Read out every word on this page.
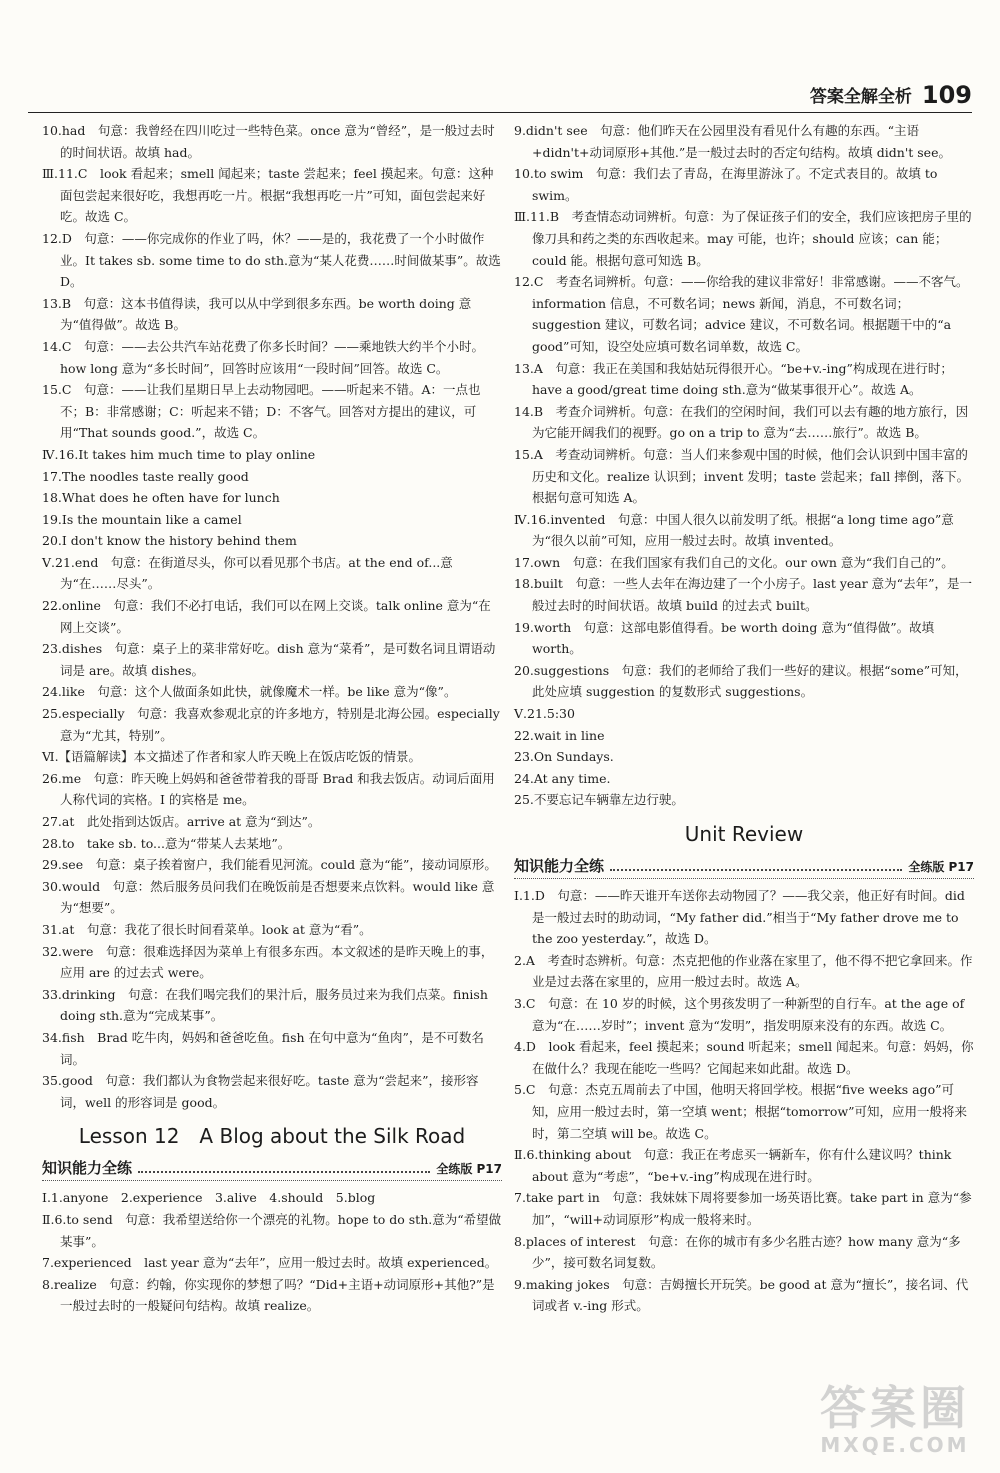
答案全解全析 109

10.had　句意：我曾经在四川吃过一些特色菜。once 意为“曾经”，是一般过去时的时间状语。故填 had。

Ⅲ.11.C　look 看起来；smell 闻起来；taste 尝起来；feel 摸起来。句意：这种面包尝起来很好吃，我想再吃一片。根据“我想再吃一片”可知，面包尝起来好吃。故选 C。

12.D　句意：——你完成你的作业了吗，休？——是的，我花费了一个小时做作业。It takes sb. some time to do sth.意为“某人花费……时间做某事”。故选 D。

13.B　句意：这本书值得读，我可以从中学到很多东西。be worth doing 意为“值得做”。故选 B。

14.C　句意：——去公共汽车站花费了你多长时间？——乘地铁大约半个小时。how long 意为“多长时间”，回答时应该用“一段时间”回答。故选 C。

15.C　句意：——让我们星期日早上去动物园吧。——听起来不错。A：一点也不；B：非常感谢；C：听起来不错；D：不客气。回答对方提出的建议，可用“That sounds good.”，故选 C。

Ⅳ.16.It takes him much time to play online

17.The noodles taste really good

18.What does he often have for lunch

19.Is the mountain like a camel

20.I don't know the history behind them

Ⅴ.21.end　句意：在街道尽头，你可以看见那个书店。at the end of...意为“在……尽头”。

22.online　句意：我们不必打电话，我们可以在网上交谈。talk online 意为“在网上交谈”。

23.dishes　句意：桌子上的菜非常好吃。dish 意为“菜肴”，是可数名词且谓语动词是 are。故填 dishes。

24.like　句意：这个人做面条如此快，就像魔术一样。be like 意为“像”。

25.especially　句意：我喜欢参观北京的许多地方，特别是北海公园。especially 意为“尤其，特别”。

Ⅵ.【语篇解读】本文描述了作者和家人昨天晚上在饭店吃饭的情景。

26.me　句意：昨天晚上妈妈和爸爸带着我的哥哥 Brad 和我去饭店。动词后面用人称代词的宾格。I 的宾格是 me。

27.at　此处指到达饭店。arrive at 意为“到达”。

28.to　take sb. to...意为“带某人去某地”。

29.see　句意：桌子挨着窗户，我们能看见河流。could 意为“能”，接动词原形。

30.would　句意：然后服务员问我们在晚饭前是否想要来点饮料。would like 意为“想要”。

31.at　句意：我花了很长时间看菜单。look at 意为“看”。

32.were　句意：很难选择因为菜单上有很多东西。本文叙述的是昨天晚上的事，应用 are 的过去式 were。

33.drinking　句意：在我们喝完我们的果汁后，服务员过来为我们点菜。finish doing sth.意为“完成某事”。

34.fish　Brad 吃牛肉，妈妈和爸爸吃鱼。fish 在句中意为“鱼肉”，是不可数名词。

35.good　句意：我们都认为食物尝起来很好吃。taste 意为“尝起来”，接形容词，well 的形容词是 good。

Lesson 12　A Blog about the Silk Road
知识能力全练	全练版 P17

Ⅰ.1.anyone　2.experience　3.alive　4.should　5.blog

Ⅱ.6.to send　句意：我希望送给你一个漂亮的礼物。hope to do sth.意为“希望做某事”。

7.experienced　last year 意为“去年”，应用一般过去时。故填 experienced。

8.realize　句意：约翰，你实现你的梦想了吗？“Did+主语+动词原形+其他?”是一般过去时的一般疑问句结构。故填 realize。

9.didn't see　句意：他们昨天在公园里没有看见什么有趣的东西。“主语+didn't+动词原形+其他.”是一般过去时的否定句结构。故填 didn't see。

10.to swim　句意：我们去了青岛，在海里游泳了。不定式表目的。故填 to swim。

Ⅲ.11.B　考查情态动词辨析。句意：为了保证孩子们的安全，我们应该把房子里的像刀具和药之类的东西收起来。may 可能，也许；should 应该；can 能；could 能。根据句意可知选 B。

12.C　考查名词辨析。句意：——你给我的建议非常好！非常感谢。——不客气。information 信息，不可数名词；news 新闻，消息，不可数名词；suggestion 建议，可数名词；advice 建议，不可数名词。根据题干中的“a good”可知，设空处应填可数名词单数，故选 C。

13.A　句意：我正在美国和我姑姑玩得很开心。“be+v.-ing”构成现在进行时；have a good/great time doing sth.意为“做某事很开心”。故选 A。

14.B　考查介词辨析。句意：在我们的空闲时间，我们可以去有趣的地方旅行，因为它能开阔我们的视野。go on a trip to 意为“去……旅行”。故选 B。

15.A　考查动词辨析。句意：当人们来参观中国的时候，他们会认识到中国丰富的历史和文化。realize 认识到；invent 发明；taste 尝起来；fall 摔倒，落下。根据句意可知选 A。

Ⅳ.16.invented　句意：中国人很久以前发明了纸。根据“a long time ago”意为“很久以前”可知，应用一般过去时。故填 invented。

17.own　句意：在我们国家有我们自己的文化。our own 意为“我们自己的”。

18.built　句意：一些人去年在海边建了一个小房子。last year 意为“去年”，是一般过去时的时间状语。故填 build 的过去式 built。

19.worth　句意：这部电影值得看。be worth doing 意为“值得做”。故填 worth。

20.suggestions　句意：我们的老师给了我们一些好的建议。根据“some”可知，此处应填 suggestion 的复数形式 suggestions。

Ⅴ.21.5:30

22.wait in line

23.On Sundays.

24.At any time.

25.不要忘记车辆靠左边行驶。

Unit Review
知识能力全练	全练版 P17

Ⅰ.1.D　句意：——昨天谁开车送你去动物园了？——我父亲，他正好有时间。did 是一般过去时的助动词，“My father did.”相当于“My father drove me to the zoo yesterday.”，故选 D。

2.A　考查时态辨析。句意：杰克把他的作业落在家里了，他不得不把它拿回来。作业是过去落在家里的，应用一般过去时。故选 A。

3.C　句意：在 10 岁的时候，这个男孩发明了一种新型的自行车。at the age of 意为“在……岁时”；invent 意为“发明”，指发明原来没有的东西。故选 C。

4.D　look 看起来，feel 摸起来；sound 听起来；smell 闻起来。句意：妈妈，你在做什么？我现在能吃一些吗？它闻起来如此甜。故选 D。

5.C　句意：杰克五周前去了中国，他明天将回学校。根据“five weeks ago”可知，应用一般过去时，第一空填 went；根据“tomorrow”可知，应用一般将来时，第二空填 will be。故选 C。

Ⅱ.6.thinking about　句意：我正在考虑买一辆新车，你有什么建议吗？think about 意为“考虑”，“be+v.-ing”构成现在进行时。

7.take part in　句意：我妹妹下周将要参加一场英语比赛。take part in 意为“参加”，“will+动词原形”构成一般将来时。

8.places of interest　句意：在你的城市有多少名胜古迹？how many 意为“多少”，接可数名词复数。

9.making jokes　句意：吉姆擅长开玩笑。be good at 意为“擅长”，接名词、代词或者 v.-ing 形式。

答案圈
MXQE.COM
